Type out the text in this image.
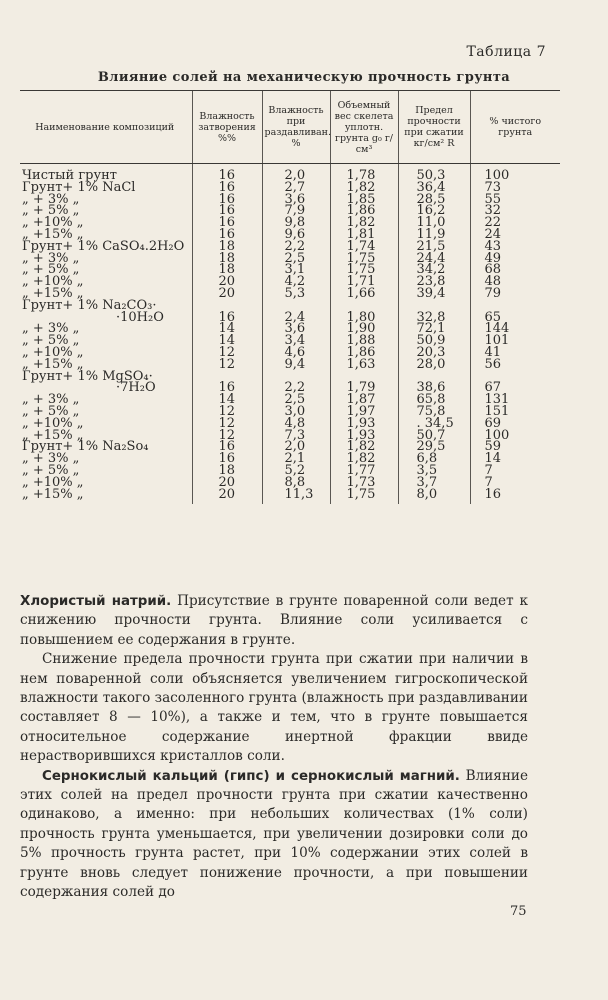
Таблица 7
Влияние солей на механическую прочность грунта
Наименование композиций	Влажность затворения %%	Влажность при раздавливан. %	Объемный вес скелета уплотн. грунта g₀ г/см³	Предел прочности при сжатии кг/см² R	% чистого грунта
Чистый грунт	16	2,0	1,78	50,3	100
Грунт+ 1% NaCl	16	2,7	1,82	36,4	73
„ + 3% „	16	3,6	1,85	28,5	55
„ + 5% „	16	7,9	1,86	16,2	32
„ +10% „	16	9,8	1,82	11,0	22
„ +15% „	16	9,6	1,81	11,9	24
Грунт+ 1% CaSO₄.2H₂O	18	2,2	1,74	21,5	43
„ + 3% „	18	2,5	1,75	24,4	49
„ + 5% „	18	3,1	1,75	34,2	68
„ +10% „	20	4,2	1,71	23,8	48
„ +15% „	20	5,3	1,66	39,4	79
Грунт+ 1% Na₂CO₃·					
·10H₂O	16	2,4	1,80	32,8	65
„ + 3% „	14	3,6	1,90	72,1	144
„ + 5% „	14	3,4	1,88	50,9	101
„ +10% „	12	4,6	1,86	20,3	41
„ +15% „	12	9,4	1,63	28,0	56
Грунт+ 1% MgSO₄·					
·7H₂O	16	2,2	1,79	38,6	67
„ + 3% „	14	2,5	1,87	65,8	131
„ + 5% „	12	3,0	1,97	75,8	151
„ +10% „	12	4,8	1,93	. 34,5	69
„ +15% „	12	7,3	1,93	50,7	100
Грунт+ 1% Na₂So₄	16	2,0	1,82	29,5	59
„ + 3% „	16	2,1	1,82	6,8	14
„ + 5% „	18	5,2	1,77	3,5	7
„ +10% „	20	8,8	1,73	3,7	7
„ +15% „	20	11,3	1,75	8,0	16

Хлористый натрий. Присутствие в грунте поваренной соли ведет к снижению прочности грунта. Влияние соли усиливается с повышением ее содержания в грунте.

Снижение предела прочности грунта при сжатии при наличии в нем поваренной соли объясняется увеличением гигроскопической влажности такого засоленного грунта (влажность при раздавливании составляет 8 — 10%), а также и тем, что в грунте повышается относительное содержание инертной фракции ввиде нерастворившихся кристаллов соли.

Сернокислый кальций (гипс) и сернокислый магний. Влияние этих солей на предел прочности грунта при сжатии качественно одинаково, а именно: при небольших количествах (1% соли) прочность грунта уменьшается, при увеличении дозировки соли до 5% прочность грунта растет, при 10% содержании этих солей в грунте вновь следует понижение прочности, а при повышении содержания солей до

75
